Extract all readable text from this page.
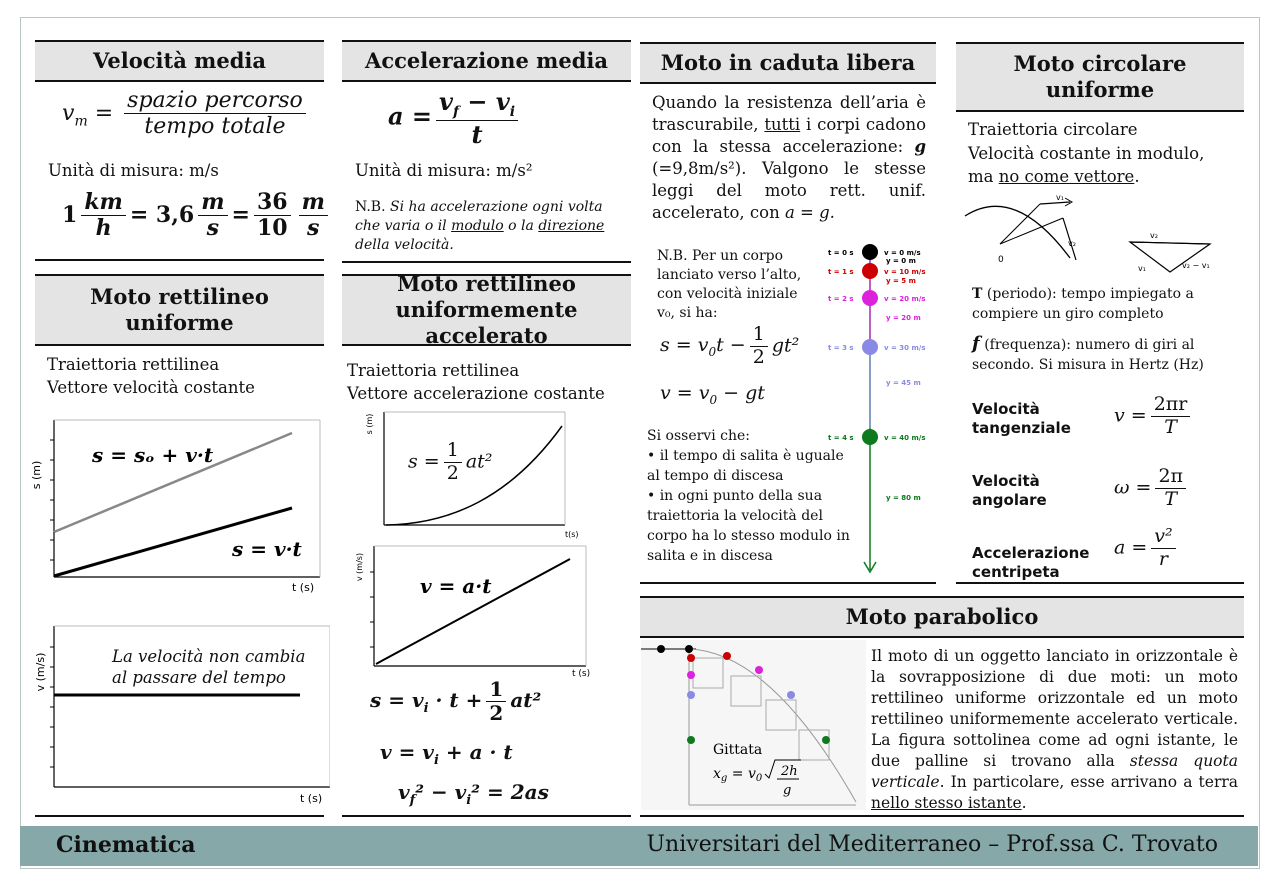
Velocità media
$v_m = \frac{\text{spazio percorso}}{\text{tempo totale}}$
Unità di misura: m/s
$1 \frac{km}{h} = 3,6 \frac{m}{s} = \frac{36}{10} \frac{m}{s}$
Moto rettilineo uniforme
Traiettoria rettilinea
Vettore velocità costante
s (m)
t (s)
s = sₒ + v·t
s = v·t
v (m/s)
t (s)
La velocità non cambia al passare del tempo
Accelerazione media
$a = \frac{v_f - v_i}{t}$
Unità di misura: m/s²
N.B. Si ha accelerazione ogni volta che varia o il modulo o la direzione della velocità.
Moto rettilineo uniformemente accelerato
Traiettoria rettilinea
Vettore accelerazione costante
s (m)
t(s)
$s = \frac{1}{2} at^2$
v (m/s)
t (s)
v = a·t
$s = v_i \cdot t + \frac{1}{2} at^2$
$v = v_i + a \cdot t$
$v_f^2 - v_i^2 = 2as$
Moto in caduta libera
Quando la resistenza dell’aria è trascurabile, tutti i corpi cadono con la stessa accelerazione: g (=9,8m/s²). Valgono le stesse leggi del moto rett. unif. accelerato, con a = g.
N.B. Per un corpo lanciato verso l’alto, con velocità iniziale v₀, si ha:
$s = v_0t - \frac{1}{2} gt^2$
$v = v_0$ − gt
Si osservi che:
• il tempo di salita è uguale al tempo di discesa
• in ogni punto della sua traiettoria la velocità del corpo ha lo stesso modulo in salita e in discesa
t = 0 s	v = 0 m/s
y = 0 m
t = 1 s	v = 10 m/s
y = 5 m
t = 2 s	v = 20 m/s
y = 20 m
t = 3 s	v = 30 m/s
y = 45 m
t = 4 s	v = 40 m/s
y = 80 m
Moto circolare uniforme
Traiettoria circolare
Velocità costante in modulo,
ma no come vettore.
0
v₁
v₂
v₂
v₁	v₂ − v₁
T (periodo): tempo impiegato a compiere un giro completo
f (frequenza): numero di giri al secondo. Si misura in Hertz (Hz)
Velocità tangenziale
$v = \frac{2\pi r}{T}$
Velocità angolare
$\omega = \frac{2\pi}{T}$
Accelerazione centripeta
$a = \frac{\text{v²}}{r}$
Moto parabolico
Gittata
$x_g = v_0$ 2h
g
Il moto di un oggetto lanciato in orizzontale è la sovrapposizione di due moti: un moto rettilineo uniforme orizzontale ed un moto rettilineo uniformemente accelerato verticale. La figura sottolinea come ad ogni istante, le due palline si trovano alla stessa quota verticale. In particolare, esse arrivano a terra nello stesso istante.
Cinematica	Universitari del Mediterraneo – Prof.ssa C. Trovato
